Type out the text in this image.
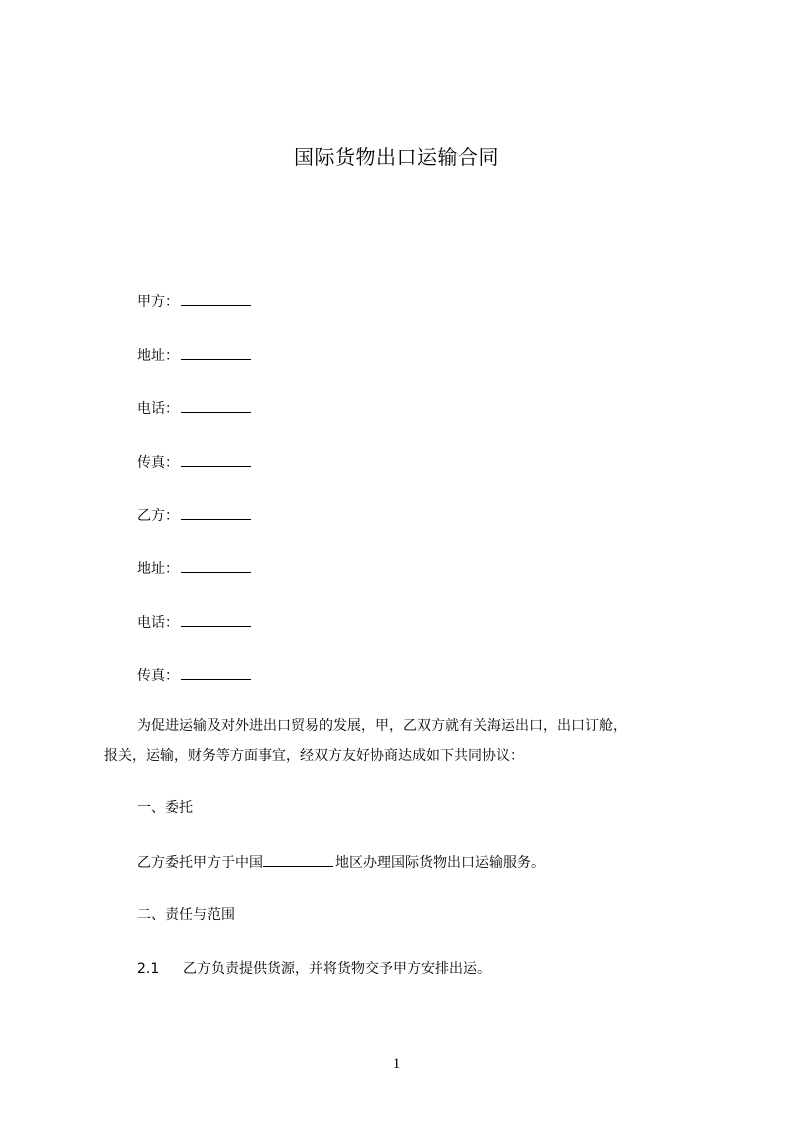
国际货物出口运输合同
甲方：
地址：
电话：
传真：
乙方：
地址：
电话：
传真：
为促进运输及对外进出口贸易的发展，甲，乙双方就有关海运出口，出口订舱，
报关，运输，财务等方面事宜，经双方友好协商达成如下共同协议：
一、委托
乙方委托甲方于中国	地区办理国际货物出口运输服务。
二、责任与范围
2.1 乙方负责提供货源，并将货物交予甲方安排出运。
1
